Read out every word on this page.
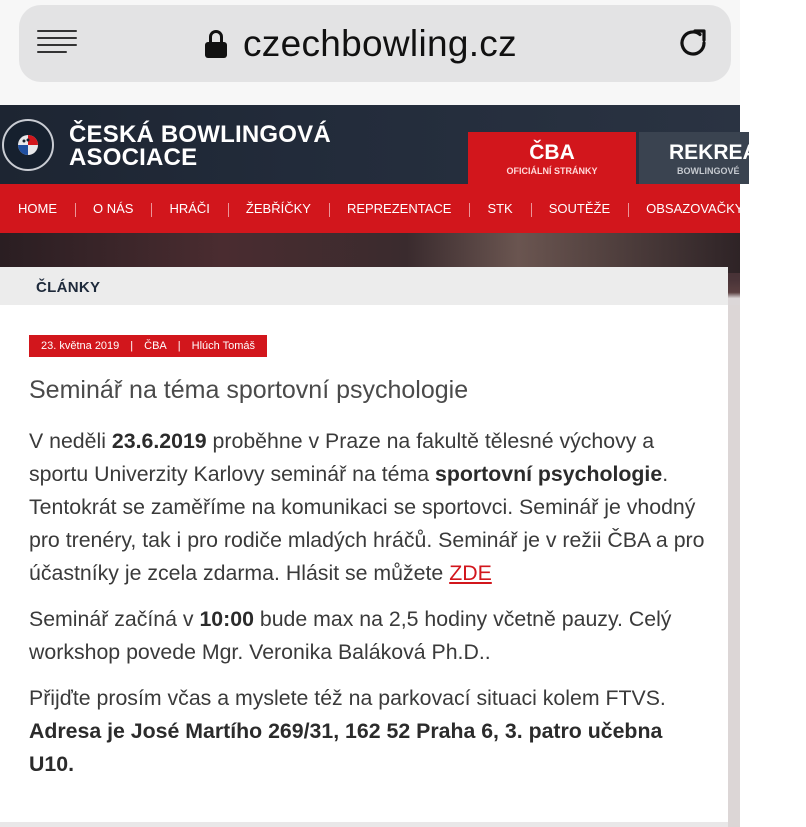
czechbowling.cz
ČESKÁ BOWLINGOVÁ
ASOCIACE	ČBA
OFICIÁLNÍ STRÁNKY
REKREA
BOWLINGOVÉ
HOME	O NÁS	HRÁČI	ŽEBŘÍČKY	REPREZENTACE	STK	SOUTĚŽE	OBSAZOVAČKY	K
ČLÁNKY
23. května 2019 | ČBA | Hlúch Tomáš
Seminář na téma sportovní psychologie

V neděli 23.6.2019 proběhne v Praze na fakultě tělesné výchovy a sportu Univerzity Karlovy seminář na téma sportovní psychologie. Tentokrát se zaměříme na komunikaci se sportovci. Seminář je vhodný pro trenéry, tak i pro rodiče mladých hráčů. Seminář je v režii ČBA a pro účastníky je zcela zdarma. Hlásit se můžete ZDE

Seminář začíná v 10:00 bude max na 2,5 hodiny včetně pauzy. Celý workshop povede Mgr. Veronika Baláková Ph.D..

Přijďte prosím včas a myslete též na parkovací situaci kolem FTVS. Adresa je José Martího 269/31, 162 52 Praha 6, 3. patro učebna U10.
